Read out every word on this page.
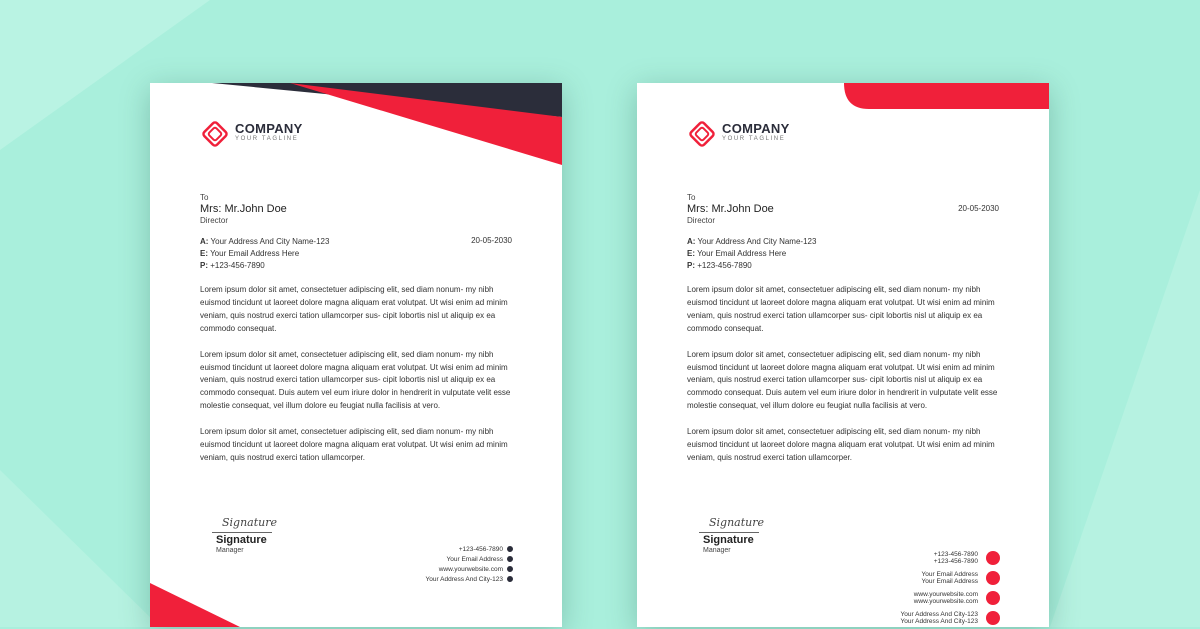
COMPANY
YOUR TAGLINE
To
Mrs: Mr.John Doe
Director
20-05-2030
A: Your Address And City Name-123
E: Your Email Address Here
P: +123-456-7890

Lorem ipsum dolor sit amet, consectetuer adipiscing elit, sed diam nonum- my nibh euismod tincidunt ut laoreet dolore magna aliquam erat volutpat. Ut wisi enim ad minim veniam, quis nostrud exerci tation ullamcorper sus- cipit lobortis nisl ut aliquip ex ea commodo consequat.

Lorem ipsum dolor sit amet, consectetuer adipiscing elit, sed diam nonum- my nibh euismod tincidunt ut laoreet dolore magna aliquam erat volutpat. Ut wisi enim ad minim veniam, quis nostrud exerci tation ullamcorper sus- cipit lobortis nisl ut aliquip ex ea commodo consequat. Duis autem vel eum iriure dolor in hendrerit in vulputate velit esse molestie consequat, vel illum dolore eu feugiat nulla facilisis at vero.

Lorem ipsum dolor sit amet, consectetuer adipiscing elit, sed diam nonum- my nibh euismod tincidunt ut laoreet dolore magna aliquam erat volutpat. Ut wisi enim ad minim veniam, quis nostrud exerci tation ullamcorper.

Signature
Signature
Manager	+123-456-7890
Your Email Address
www.yourwebsite.com
Your Address And City-123
COMPANY
YOUR TAGLINE
To
Mrs: Mr.John Doe
Director
20-05-2030
A: Your Address And City Name-123
E: Your Email Address Here
P: +123-456-7890

Lorem ipsum dolor sit amet, consectetuer adipiscing elit, sed diam nonum- my nibh euismod tincidunt ut laoreet dolore magna aliquam erat volutpat. Ut wisi enim ad minim veniam, quis nostrud exerci tation ullamcorper sus- cipit lobortis nisl ut aliquip ex ea commodo consequat.

Lorem ipsum dolor sit amet, consectetuer adipiscing elit, sed diam nonum- my nibh euismod tincidunt ut laoreet dolore magna aliquam erat volutpat. Ut wisi enim ad minim veniam, quis nostrud exerci tation ullamcorper sus- cipit lobortis nisl ut aliquip ex ea commodo consequat. Duis autem vel eum iriure dolor in hendrerit in vulputate velit esse molestie consequat, vel illum dolore eu feugiat nulla facilisis at vero.

Lorem ipsum dolor sit amet, consectetuer adipiscing elit, sed diam nonum- my nibh euismod tincidunt ut laoreet dolore magna aliquam erat volutpat. Ut wisi enim ad minim veniam, quis nostrud exerci tation ullamcorper.

Signature
Signature
Manager
+123-456-7890
+123-456-7890
Your Email Address
Your Email Address
www.yourwebsite.com
www.yourwebsite.com
Your Address And City-123
Your Address And City-123
